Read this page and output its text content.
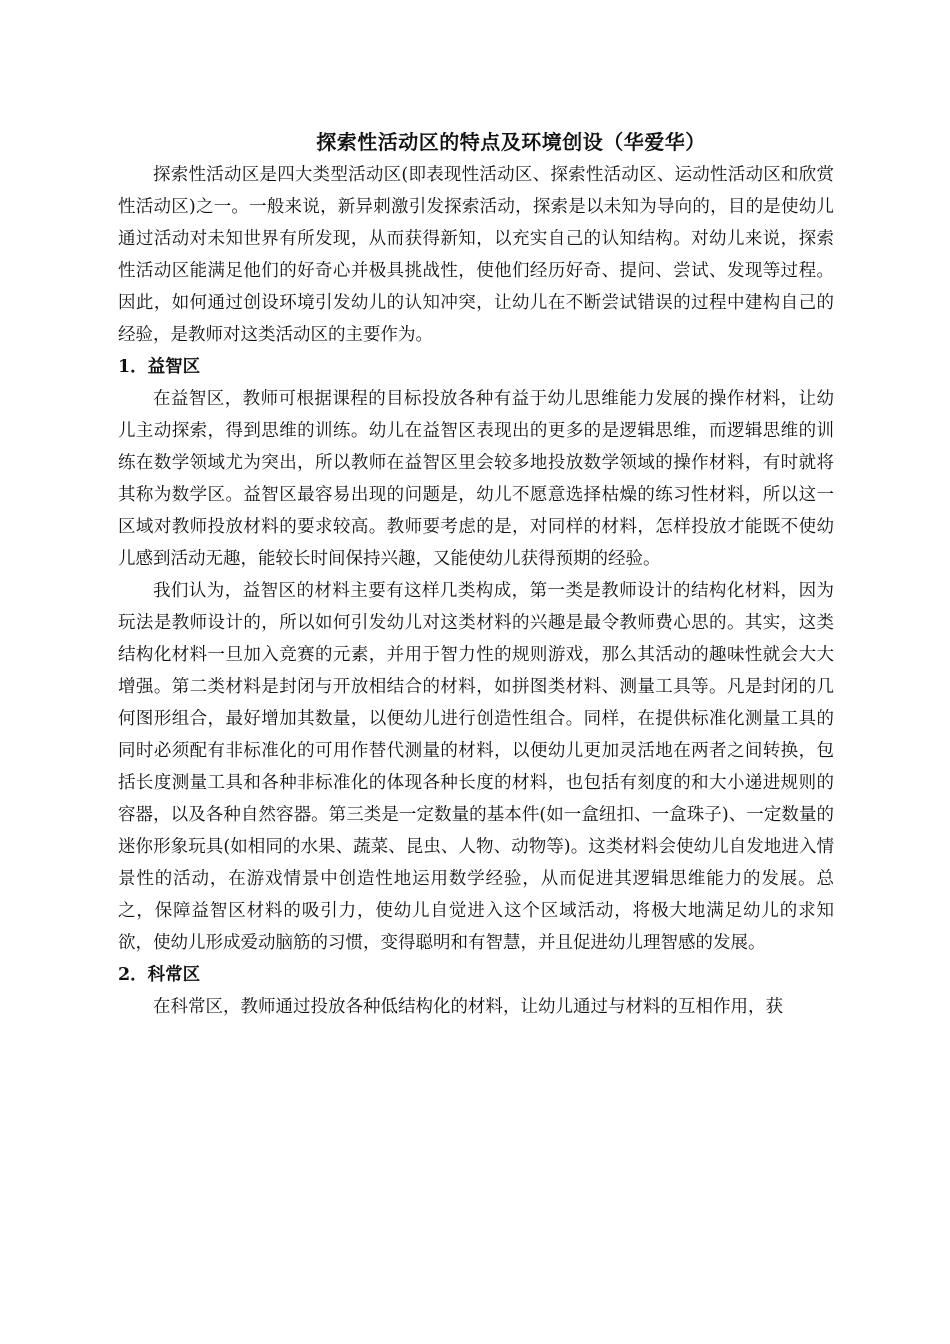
探索性活动区的特点及环境创设（华爱华）

探索性活动区是四大类型活动区(即表现性活动区、探索性活动区、运动性活动区和欣赏性活动区)之一。一般来说，新异刺激引发探索活动，探索是以未知为导向的，目的是使幼儿通过活动对未知世界有所发现，从而获得新知，以充实自己的认知结构。对幼儿来说，探索性活动区能满足他们的好奇心并极具挑战性，使他们经历好奇、提问、尝试、发现等过程。因此，如何通过创设环境引发幼儿的认知冲突，让幼儿在不断尝试错误的过程中建构自己的经验，是教师对这类活动区的主要作为。

1．益智区

在益智区，教师可根据课程的目标投放各种有益于幼儿思维能力发展的操作材料，让幼儿主动探索，得到思维的训练。幼儿在益智区表现出的更多的是逻辑思维，而逻辑思维的训练在数学领域尤为突出，所以教师在益智区里会较多地投放数学领域的操作材料，有时就将其称为数学区。益智区最容易出现的问题是，幼儿不愿意选择枯燥的练习性材料，所以这一区域对教师投放材料的要求较高。教师要考虑的是，对同样的材料，怎样投放才能既不使幼儿感到活动无趣，能较长时间保持兴趣，又能使幼儿获得预期的经验。

我们认为，益智区的材料主要有这样几类构成，第一类是教师设计的结构化材料，因为玩法是教师设计的，所以如何引发幼儿对这类材料的兴趣是最令教师费心思的。其实，这类结构化材料一旦加入竞赛的元素，并用于智力性的规则游戏，那么其活动的趣味性就会大大增强。第二类材料是封闭与开放相结合的材料，如拼图类材料、测量工具等。凡是封闭的几何图形组合，最好增加其数量，以便幼儿进行创造性组合。同样，在提供标准化测量工具的同时必须配有非标准化的可用作替代测量的材料，以便幼儿更加灵活地在两者之间转换，包括长度测量工具和各种非标准化的体现各种长度的材料，也包括有刻度的和大小递进规则的容器，以及各种自然容器。第三类是一定数量的基本件(如一盒纽扣、一盒珠子)、一定数量的迷你形象玩具(如相同的水果、蔬菜、昆虫、人物、动物等)。这类材料会使幼儿自发地进入情景性的活动，在游戏情景中创造性地运用数学经验，从而促进其逻辑思维能力的发展。总之，保障益智区材料的吸引力，使幼儿自觉进入这个区域活动，将极大地满足幼儿的求知欲，使幼儿形成爱动脑筋的习惯，变得聪明和有智慧，并且促进幼儿理智感的发展。

2．科常区

在科常区，教师通过投放各种低结构化的材料，让幼儿通过与材料的互相作用，获
